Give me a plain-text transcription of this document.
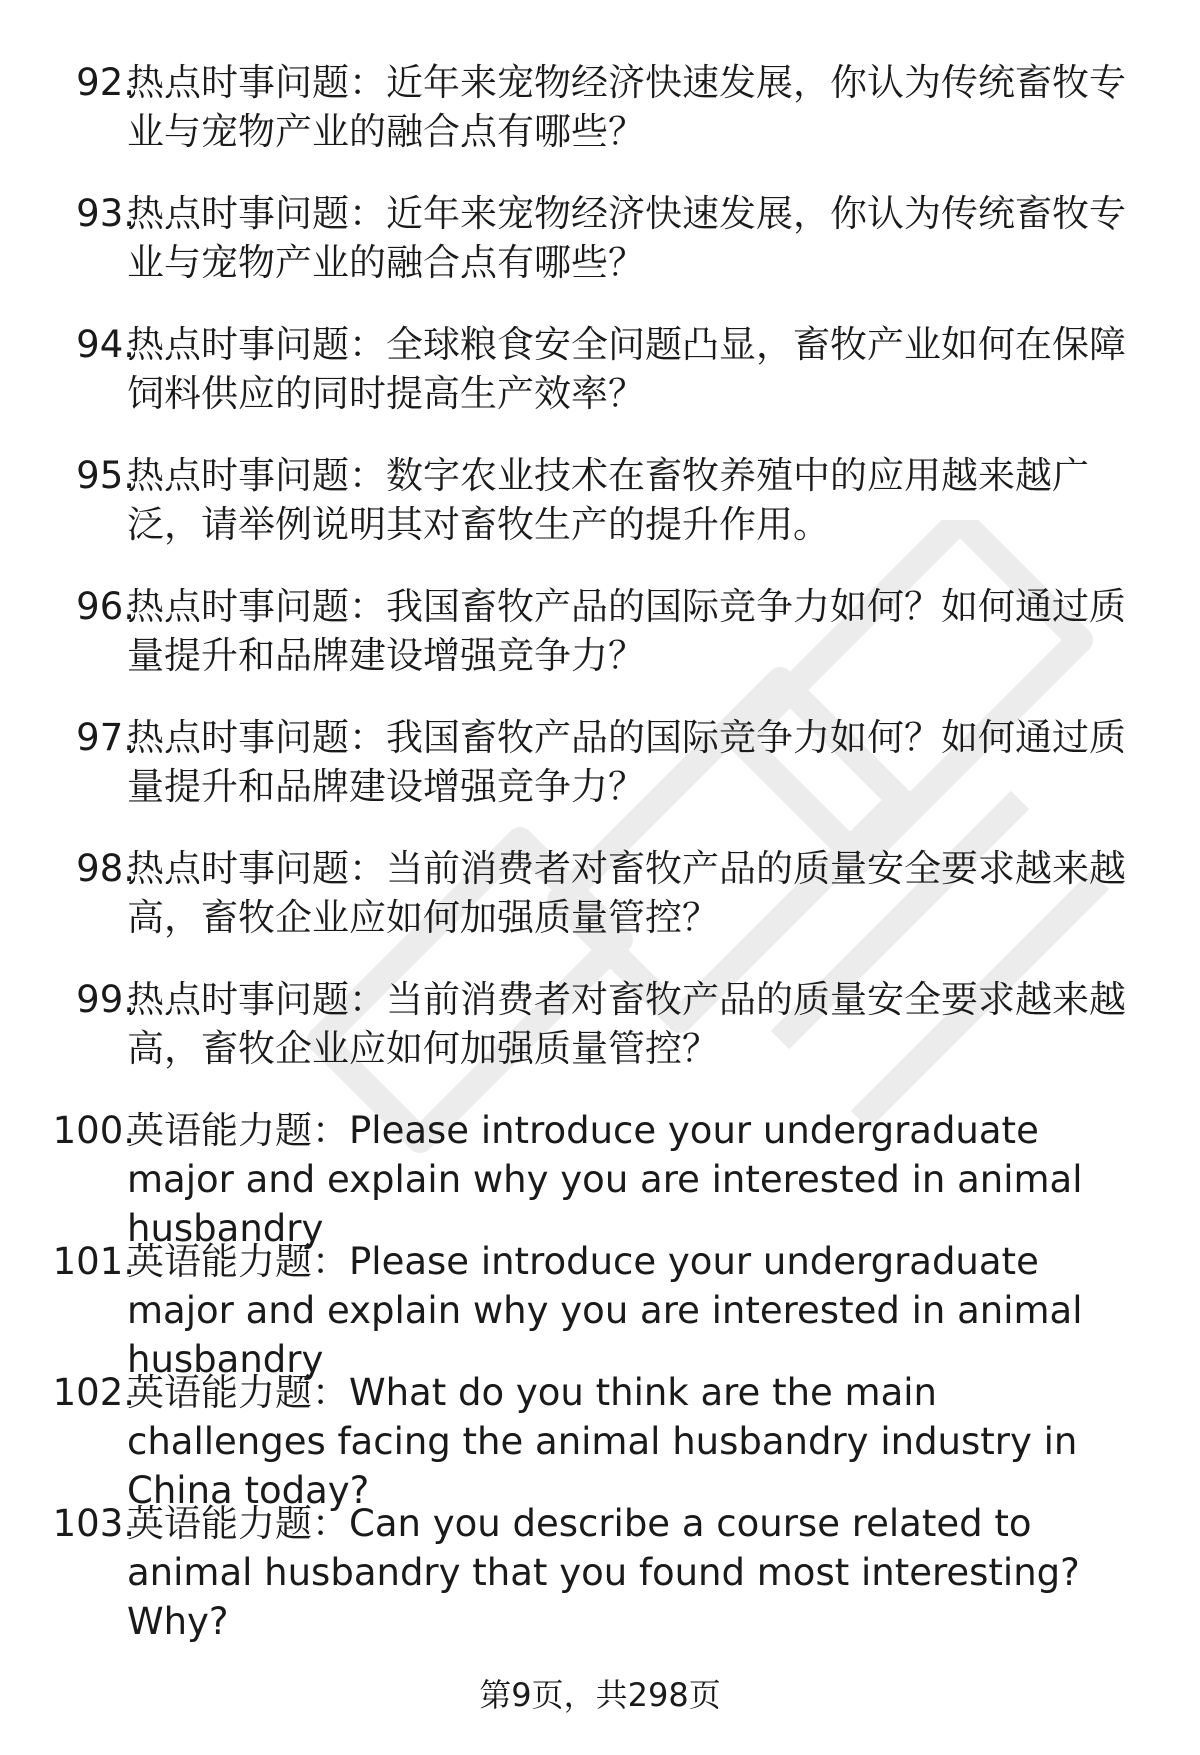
92.
热点时事问题：近年来宠物经济快速发展，你认为传统畜牧专业与宠物产业的融合点有哪些？
93.
热点时事问题：近年来宠物经济快速发展，你认为传统畜牧专业与宠物产业的融合点有哪些？
94.
热点时事问题：全球粮食安全问题凸显，畜牧产业如何在保障饲料供应的同时提高生产效率？
95.
热点时事问题：数字农业技术在畜牧养殖中的应用越来越广泛，请举例说明其对畜牧生产的提升作用。
96.
热点时事问题：我国畜牧产品的国际竞争力如何？如何通过质量提升和品牌建设增强竞争力？
97.
热点时事问题：我国畜牧产品的国际竞争力如何？如何通过质量提升和品牌建设增强竞争力？
98.
热点时事问题：当前消费者对畜牧产品的质量安全要求越来越高，畜牧企业应如何加强质量管控？
99.
热点时事问题：当前消费者对畜牧产品的质量安全要求越来越高，畜牧企业应如何加强质量管控？
100.
英语能力题：Please introduce your undergraduate major and explain why you are interested in animal husbandry
101.
英语能力题：Please introduce your undergraduate major and explain why you are interested in animal husbandry
102.
英语能力题：What do you think are the main challenges facing the animal husbandry industry in China today?
103.
英语能力题：Can you describe a course related to animal husbandry that you found most interesting? Why?
第9页，共298页
